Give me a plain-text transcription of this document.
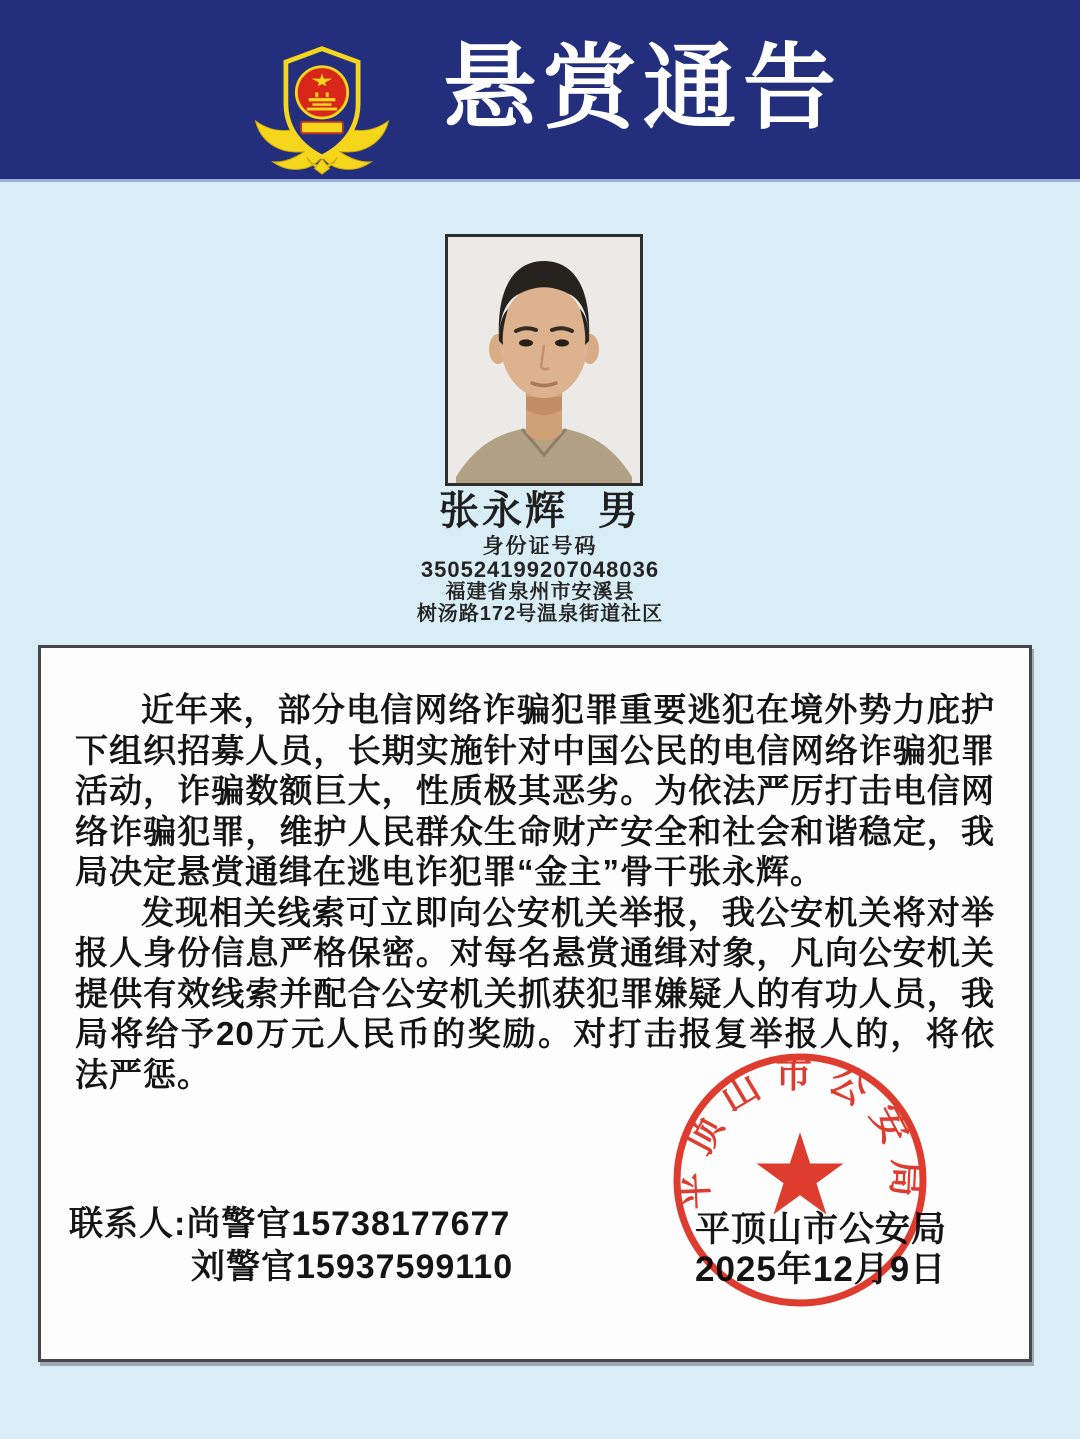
悬赏通告
张永辉 男
身份证号码
350524199207048036
福建省泉州市安溪县
树汤路172号温泉街道社区

近年来，部分电信网络诈骗犯罪重要逃犯在境外势力庇护下组织招募人员，长期实施针对中国公民的电信网络诈骗犯罪活动，诈骗数额巨大，性质极其恶劣。为依法严厉打击电信网络诈骗犯罪，维护人民群众生命财产安全和社会和谐稳定，我局决定悬赏通缉在逃电诈犯罪“金主”骨干张永辉。

发现相关线索可立即向公安机关举报，我公安机关将对举报人身份信息严格保密。对每名悬赏通缉对象，凡向公安机关提供有效线索并配合公安机关抓获犯罪嫌疑人的有功人员，我局将给予20万元人民币的奖励。对打击报复举报人的，将依法严惩。

联系人:尚警官15738177677
刘警官15937599110
平顶山市公安局
2025年12月9日
平顶山市公安局
